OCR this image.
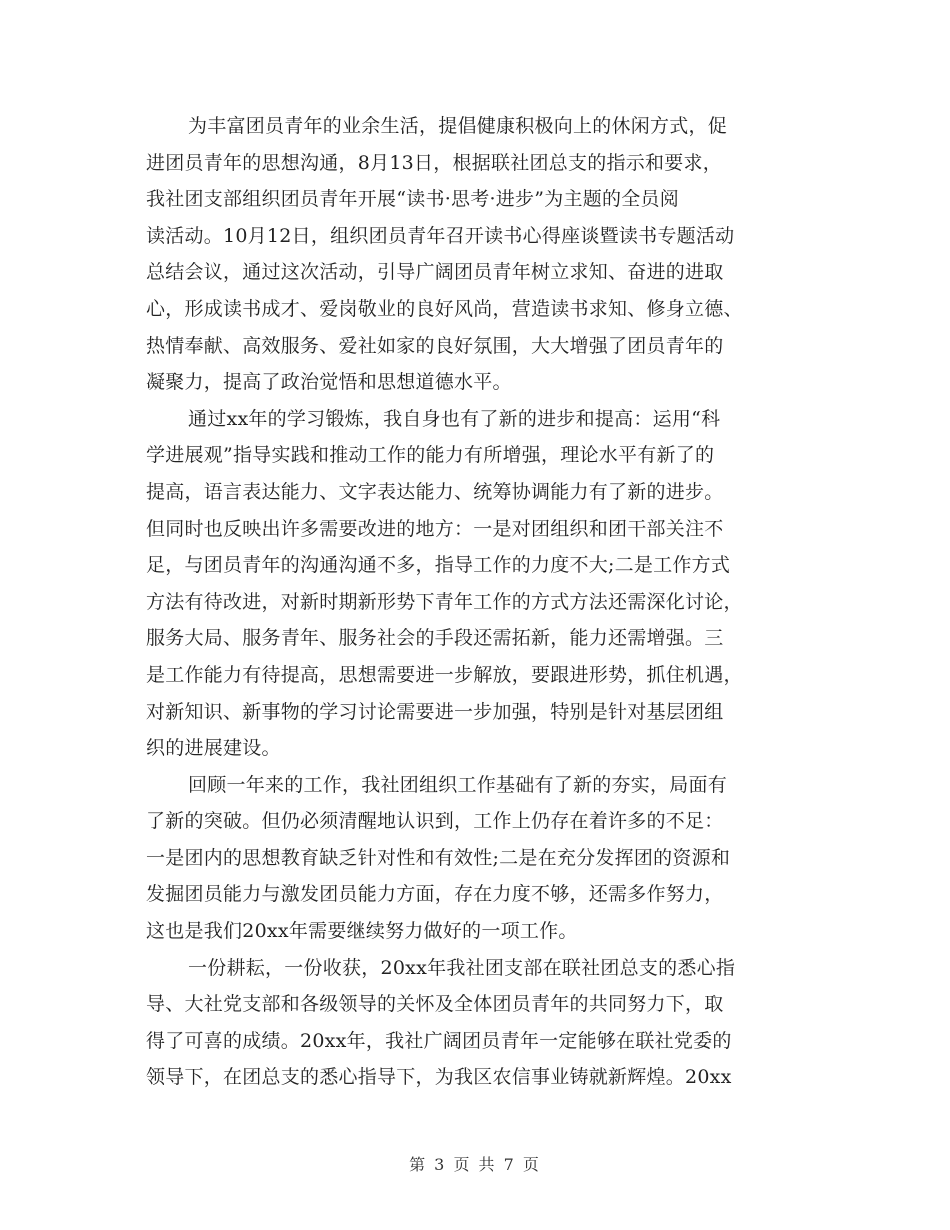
为丰富团员青年的业余生活，提倡健康积极向上的休闲方式，促
进团员青年的思想沟通，8月13日，根据联社团总支的指示和要求，
我社团支部组织团员青年开展“读书·思考·进步”为主题的全员阅
读活动。10月12日，组织团员青年召开读书心得座谈暨读书专题活动
总结会议，通过这次活动，引导广阔团员青年树立求知、奋进的进取
心，形成读书成才、爱岗敬业的良好风尚，营造读书求知、修身立德、
热情奉献、高效服务、爱社如家的良好氛围，大大增强了团员青年的
凝聚力，提高了政治觉悟和思想道德水平。
通过xx年的学习锻炼，我自身也有了新的进步和提高：运用“科
学进展观”指导实践和推动工作的能力有所增强，理论水平有新了的
提高，语言表达能力、文字表达能力、统筹协调能力有了新的进步。
但同时也反映出许多需要改进的地方：一是对团组织和团干部关注不
足，与团员青年的沟通沟通不多，指导工作的力度不大;二是工作方式
方法有待改进，对新时期新形势下青年工作的方式方法还需深化讨论，
服务大局、服务青年、服务社会的手段还需拓新，能力还需增强。三
是工作能力有待提高，思想需要进一步解放，要跟进形势，抓住机遇，
对新知识、新事物的学习讨论需要进一步加强，特别是针对基层团组
织的进展建设。
回顾一年来的工作，我社团组织工作基础有了新的夯实，局面有
了新的突破。但仍必须清醒地认识到，工作上仍存在着许多的不足：
一是团内的思想教育缺乏针对性和有效性;二是在充分发挥团的资源和
发掘团员能力与激发团员能力方面，存在力度不够，还需多作努力，
这也是我们20xx年需要继续努力做好的一项工作。
一份耕耘，一份收获，20xx年我社团支部在联社团总支的悉心指
导、大社党支部和各级领导的关怀及全体团员青年的共同努力下，取
得了可喜的成绩。20xx年，我社广阔团员青年一定能够在联社党委的
领导下，在团总支的悉心指导下，为我区农信事业铸就新辉煌。20xx
第 3 页 共 7 页
